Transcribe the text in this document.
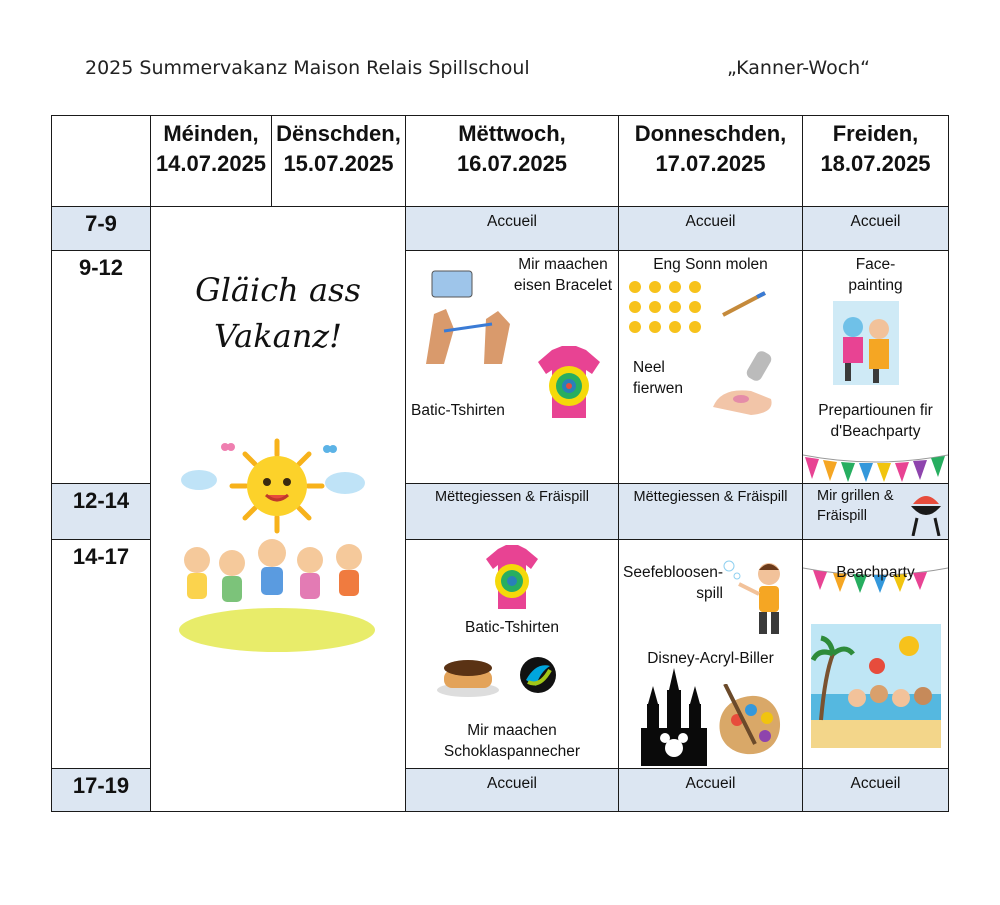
2025 Summervakanz Maison Relais Spillschoul	„Kanner-Woch“
Méinden,
14.07.2025
Dënschden,
15.07.2025
Mëttwoch,
16.07.2025
Donneschden,
17.07.2025
Freiden,
18.07.2025
7-9
9-12
12-14
14-17
17-19
Gläich ass
Vakanz!
Accueil
Mir maachen
eisen Bracelet
Batic-Tshirten
Mëttegiessen & Fräispill
Batic-Tshirten
Mir maachen
Schoklaspannecher
Accueil
Accueil
Eng Sonn molen
Neel
fierwen
Mëttegiessen & Fräispill
Seefebloosen-
spill
Disney-Acryl-Biller
Accueil
Accueil
Face-
painting
Prepartiounen fir
d'Beachparty
Mir grillen &
Fräispill
Beachparty
Accueil
